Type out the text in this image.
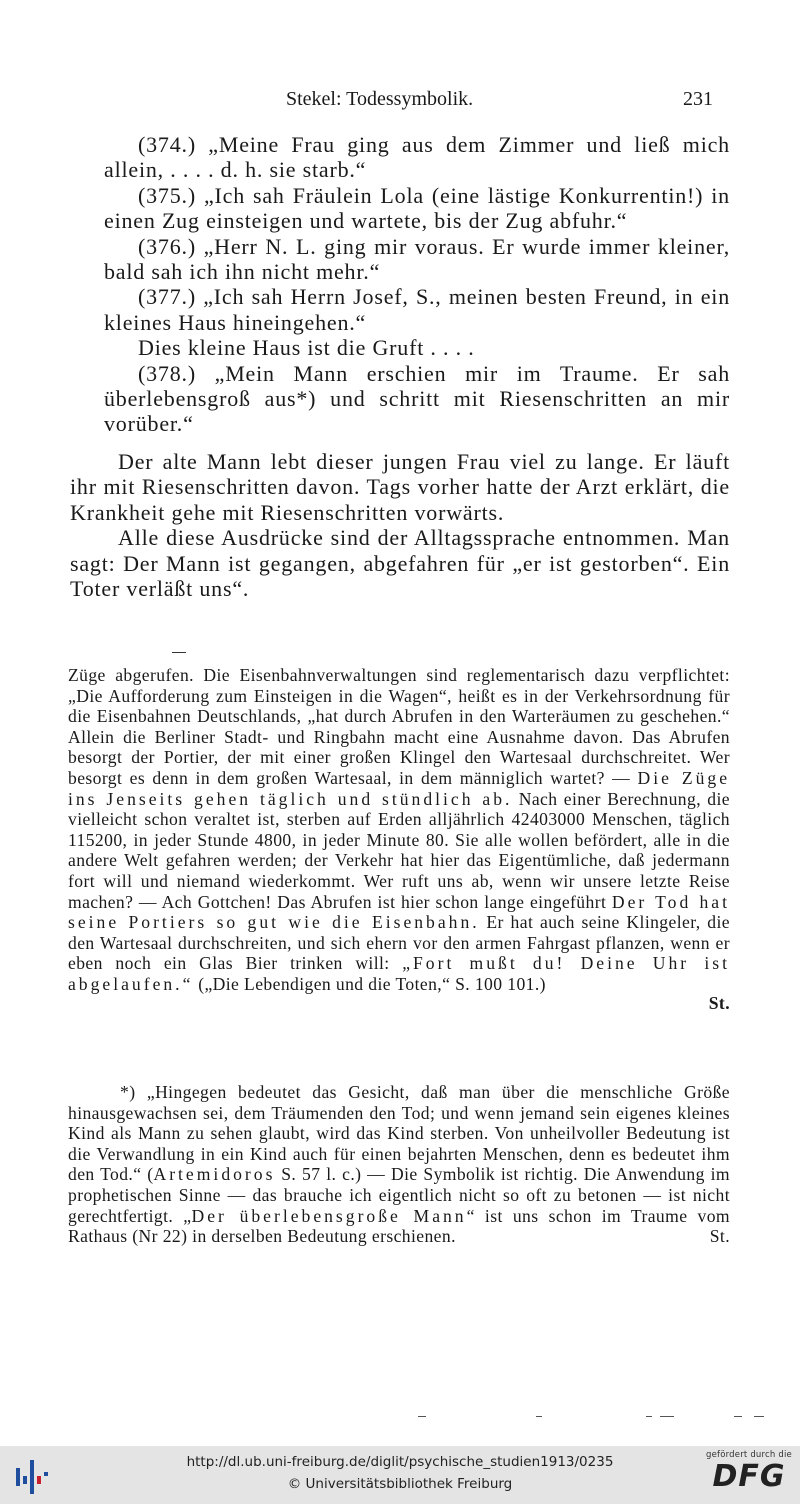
Stekel: Todessymbolik.	231

(374.) „Meine Frau ging aus dem Zimmer und ließ mich allein, . . . . d. h. sie starb.“

(375.) „Ich sah Fräulein Lola (eine lästige Konkurrentin!) in einen Zug einsteigen und wartete, bis der Zug abfuhr.“

(376.) „Herr N. L. ging mir voraus. Er wurde immer kleiner, bald sah ich ihn nicht mehr.“

(377.) „Ich sah Herrn Josef, S., meinen besten Freund, in ein kleines Haus hineingehen.“

Dies kleine Haus ist die Gruft . . . .

(378.) „Mein Mann erschien mir im Traume. Er sah überlebensgroß aus*) und schritt mit Riesenschritten an mir vorüber.“

Der alte Mann lebt dieser jungen Frau viel zu lange. Er läuft ihr mit Riesenschritten davon. Tags vorher hatte der Arzt erklärt, die Krankheit gehe mit Riesenschritten vorwärts.

Alle diese Ausdrücke sind der Alltagssprache entnommen. Man sagt: Der Mann ist gegangen, abgefahren für „er ist gestorben“. Ein Toter verläßt uns“.

Züge abgerufen. Die Eisenbahnverwaltungen sind reglementarisch dazu verpflichtet: „Die Aufforderung zum Einsteigen in die Wagen“, heißt es in der Verkehrsordnung für die Eisenbahnen Deutschlands, „hat durch Abrufen in den Warteräumen zu geschehen.“ Allein die Berliner Stadt- und Ringbahn macht eine Ausnahme davon. Das Abrufen besorgt der Portier, der mit einer großen Klingel den Wartesaal durchschreitet. Wer besorgt es denn in dem großen Wartesaal, in dem männiglich wartet? — Die Züge ins Jenseits gehen täglich und stündlich ab. Nach einer Berechnung, die vielleicht schon veraltet ist, sterben auf Erden alljährlich 42403000 Menschen, täglich 115200, in jeder Stunde 4800, in jeder Minute 80. Sie alle wollen befördert, alle in die andere Welt gefahren werden; der Verkehr hat hier das Eigentümliche, daß jedermann fort will und niemand wiederkommt. Wer ruft uns ab, wenn wir unsere letzte Reise machen? — Ach Gottchen! Das Abrufen ist hier schon lange eingeführt Der Tod hat seine Portiers so gut wie die Eisenbahn. Er hat auch seine Klingeler, die den Wartesaal durchschreiten, und sich ehern vor den armen Fahrgast pflanzen, wenn er eben noch ein Glas Bier trinken will: „Fort mußt du! Deine Uhr ist abgelaufen.“ („Die Lebendigen und die Toten,“ S. 100 101.)
St.
*) „Hingegen bedeutet das Gesicht, daß man über die menschliche Größe hinausgewachsen sei, dem Träumenden den Tod; und wenn jemand sein eigenes kleines Kind als Mann zu sehen glaubt, wird das Kind sterben. Von unheilvoller Bedeutung ist die Verwandlung in ein Kind auch für einen bejahrten Menschen, denn es bedeutet ihm den Tod.“ (Artemidoros S. 57 l. c.) — Die Symbolik ist richtig. Die Anwendung im prophetischen Sinne — das brauche ich eigentlich nicht so oft zu betonen — ist nicht gerechtfertigt. „Der überlebensgroße Mann“ ist uns schon im Traume vom Rathaus (Nr 22) in derselben Bedeutung erschienen.	St.
http://dl.ub.uni-freiburg.de/diglit/psychische_studien1913/0235
© Universitätsbibliothek Freiburg
gefördert durch die
DFG
